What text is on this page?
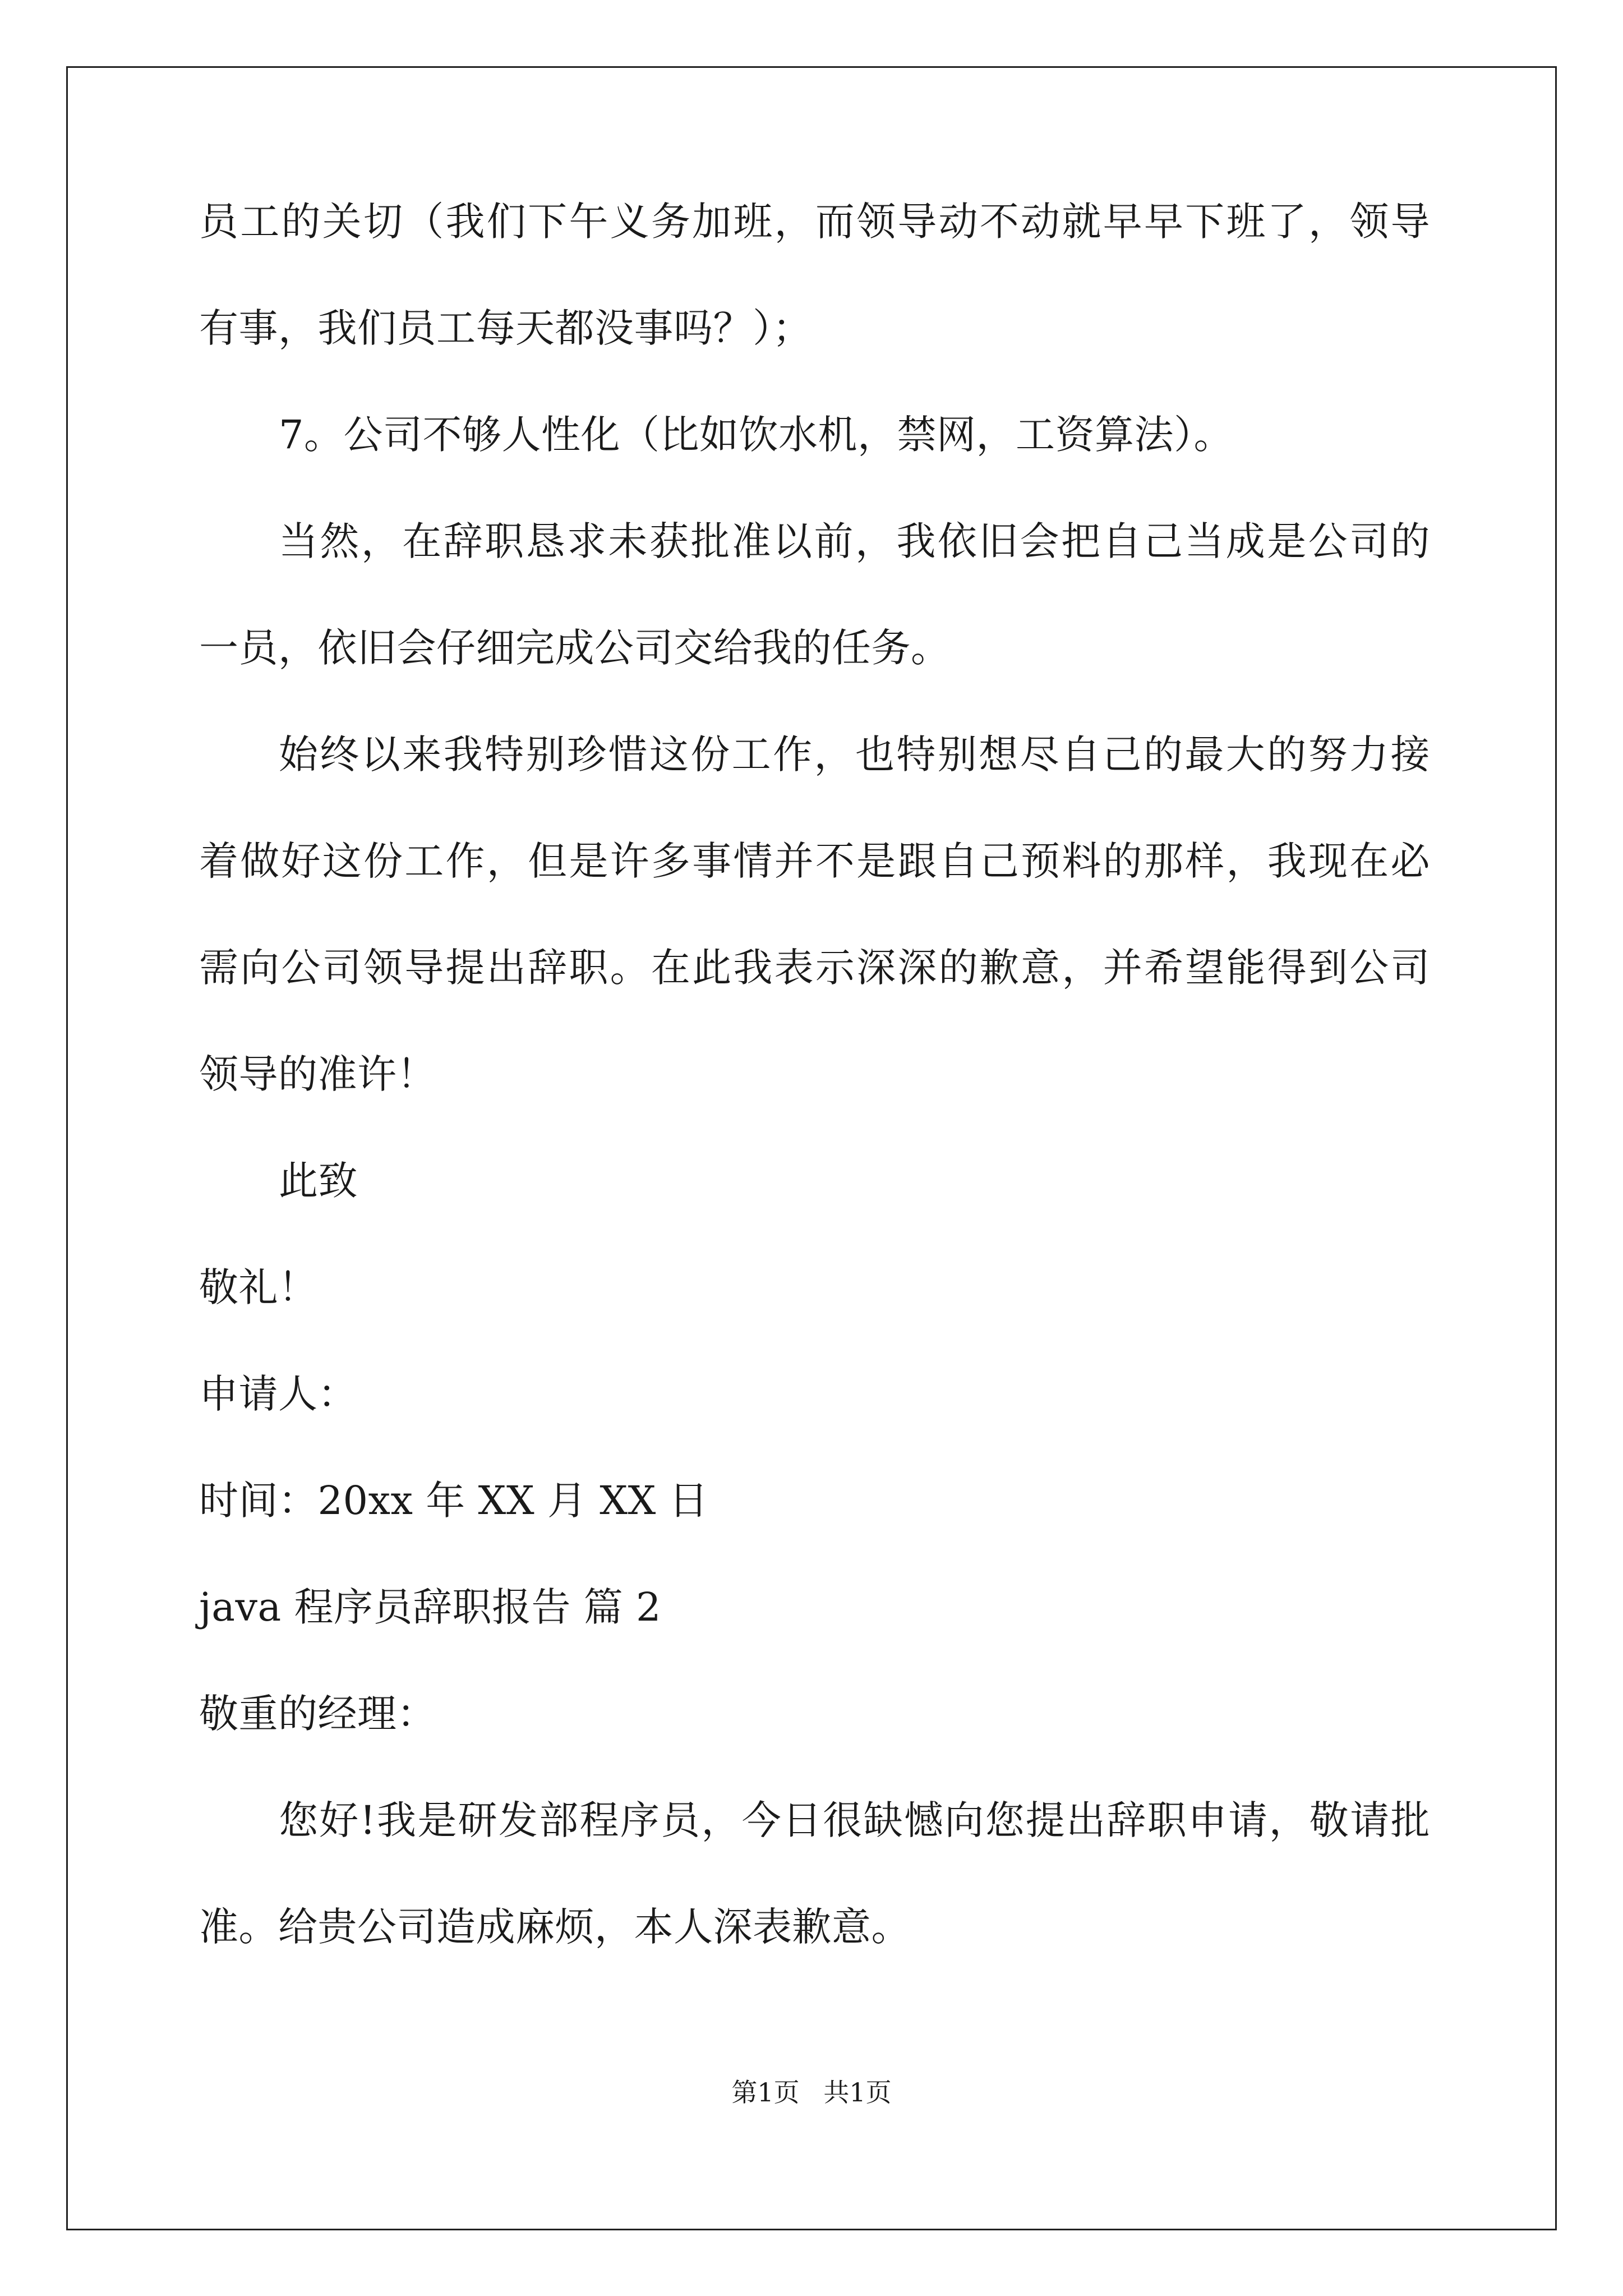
员工的关切（我们下午义务加班，而领导动不动就早早下班了，领导
有事，我们员工每天都没事吗？）；
7。公司不够人性化（比如饮水机，禁网，工资算法）。
当然，在辞职恳求未获批准以前，我依旧会把自己当成是公司的
一员，依旧会仔细完成公司交给我的任务。
始终以来我特别珍惜这份工作，也特别想尽自己的最大的努力接
着做好这份工作，但是许多事情并不是跟自己预料的那样，我现在必
需向公司领导提出辞职。在此我表示深深的歉意，并希望能得到公司
领导的准许！
此致
敬礼！
申请人：
时间：20xx 年 XX 月 XX 日
java 程序员辞职报告 篇 2
敬重的经理：
您好!我是研发部程序员，今日很缺憾向您提出辞职申请，敬请批
准。给贵公司造成麻烦，本人深表歉意。
第1页 共1页
